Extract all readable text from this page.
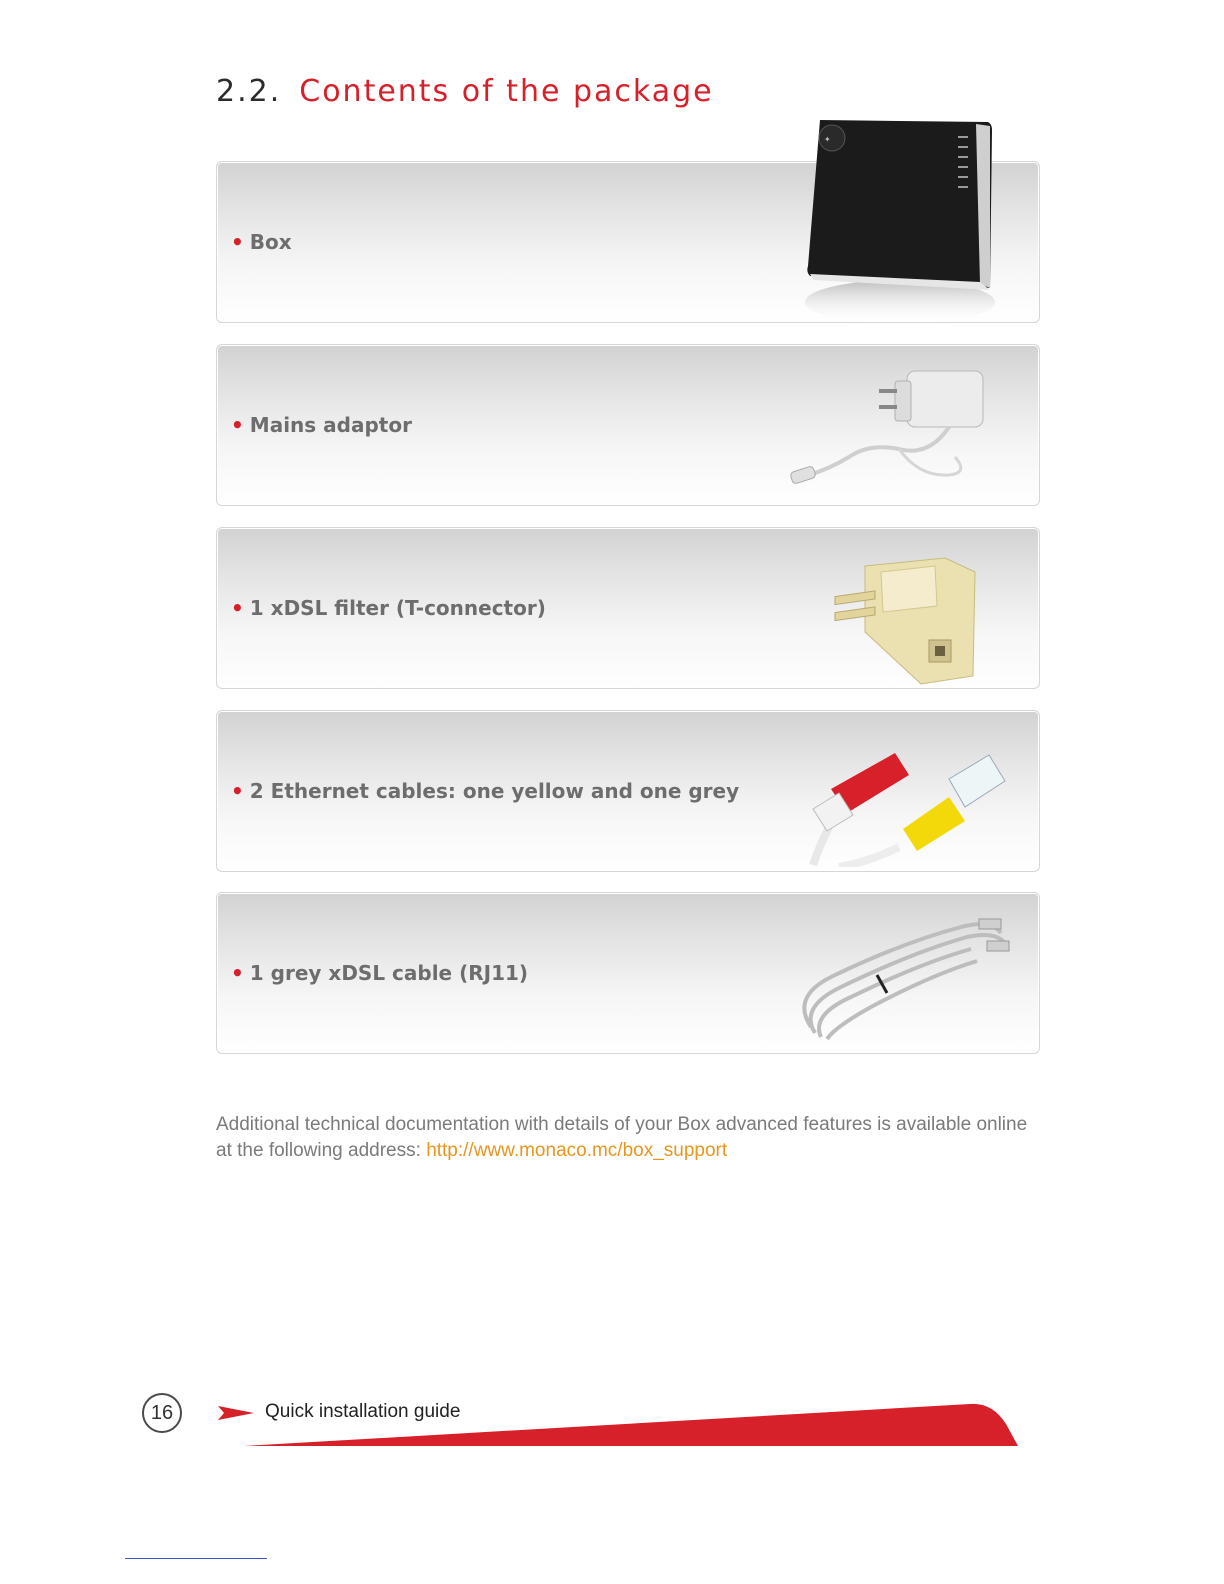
2.2. Contents of the package
• Box
✦
• Mains adaptor
• 1 xDSL filter (T-connector)
• 2 Ethernet cables: one yellow and one grey
• 1 grey xDSL cable (RJ11)
Additional technical documentation with details of your Box advanced features is available online at the following address: http://www.monaco.mc/box_support
16	Quick installation guide
